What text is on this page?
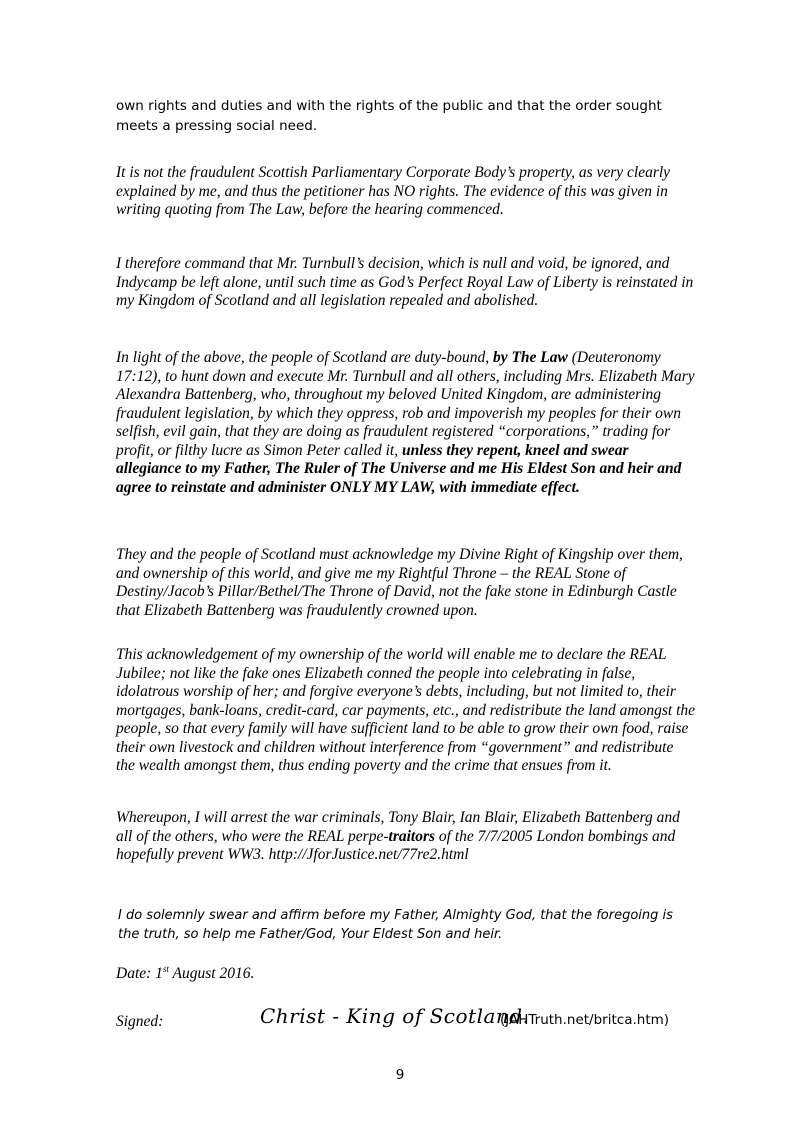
own rights and duties and with the rights of the public and that the order sought meets a pressing social need.

It is not the fraudulent Scottish Parliamentary Corporate Body’s property, as very clearly explained by me, and thus the petitioner has NO rights. The evidence of this was given in writing quoting from The Law, before the hearing commenced.

I therefore command that Mr. Turnbull’s decision, which is null and void, be ignored, and Indycamp be left alone, until such time as God’s Perfect Royal Law of Liberty is reinstated in my Kingdom of Scotland and all legislation repealed and abolished.

In light of the above, the people of Scotland are duty-bound, by The Law (Deuteronomy 17:12), to hunt down and execute Mr. Turnbull and all others, including Mrs. Elizabeth Mary Alexandra Battenberg, who, throughout my beloved United Kingdom, are administering fraudulent legislation, by which they oppress, rob and impoverish my peoples for their own selfish, evil gain, that they are doing as fraudulent registered “corporations,” trading for profit, or filthy lucre as Simon Peter called it, unless they repent, kneel and swear allegiance to my Father, The Ruler of The Universe and me His Eldest Son and heir and agree to reinstate and administer ONLY MY LAW, with immediate effect.

They and the people of Scotland must acknowledge my Divine Right of Kingship over them, and ownership of this world, and give me my Rightful Throne – the REAL Stone of Destiny/Jacob’s Pillar/Bethel/The Throne of David, not the fake stone in Edinburgh Castle that Elizabeth Battenberg was fraudulently crowned upon.

This acknowledgement of my ownership of the world will enable me to declare the REAL Jubilee; not like the fake ones Elizabeth conned the people into celebrating in false, idolatrous worship of her; and forgive everyone’s debts, including, but not limited to, their mortgages, bank-loans, credit-card, car payments, etc., and redistribute the land amongst the people, so that every family will have sufficient land to be able to grow their own food, raise their own livestock and children without interference from “government” and redistribute the wealth amongst them, thus ending poverty and the crime that ensues from it.

Whereupon, I will arrest the war criminals, Tony Blair, Ian Blair, Elizabeth Battenberg and all of the others, who were the REAL perpe-traitors of the 7/7/2005 London bombings and hopefully prevent WW3. http://JforJustice.net/77re2.html

I do solemnly swear and affirm before my Father, Almighty God, that the foregoing is the truth, so help me Father/God, Your Eldest Son and heir.

Date: 1st August 2016.

Signed:	Christ - King of Scotland.
(JAHTruth.net/britca.htm)
9
